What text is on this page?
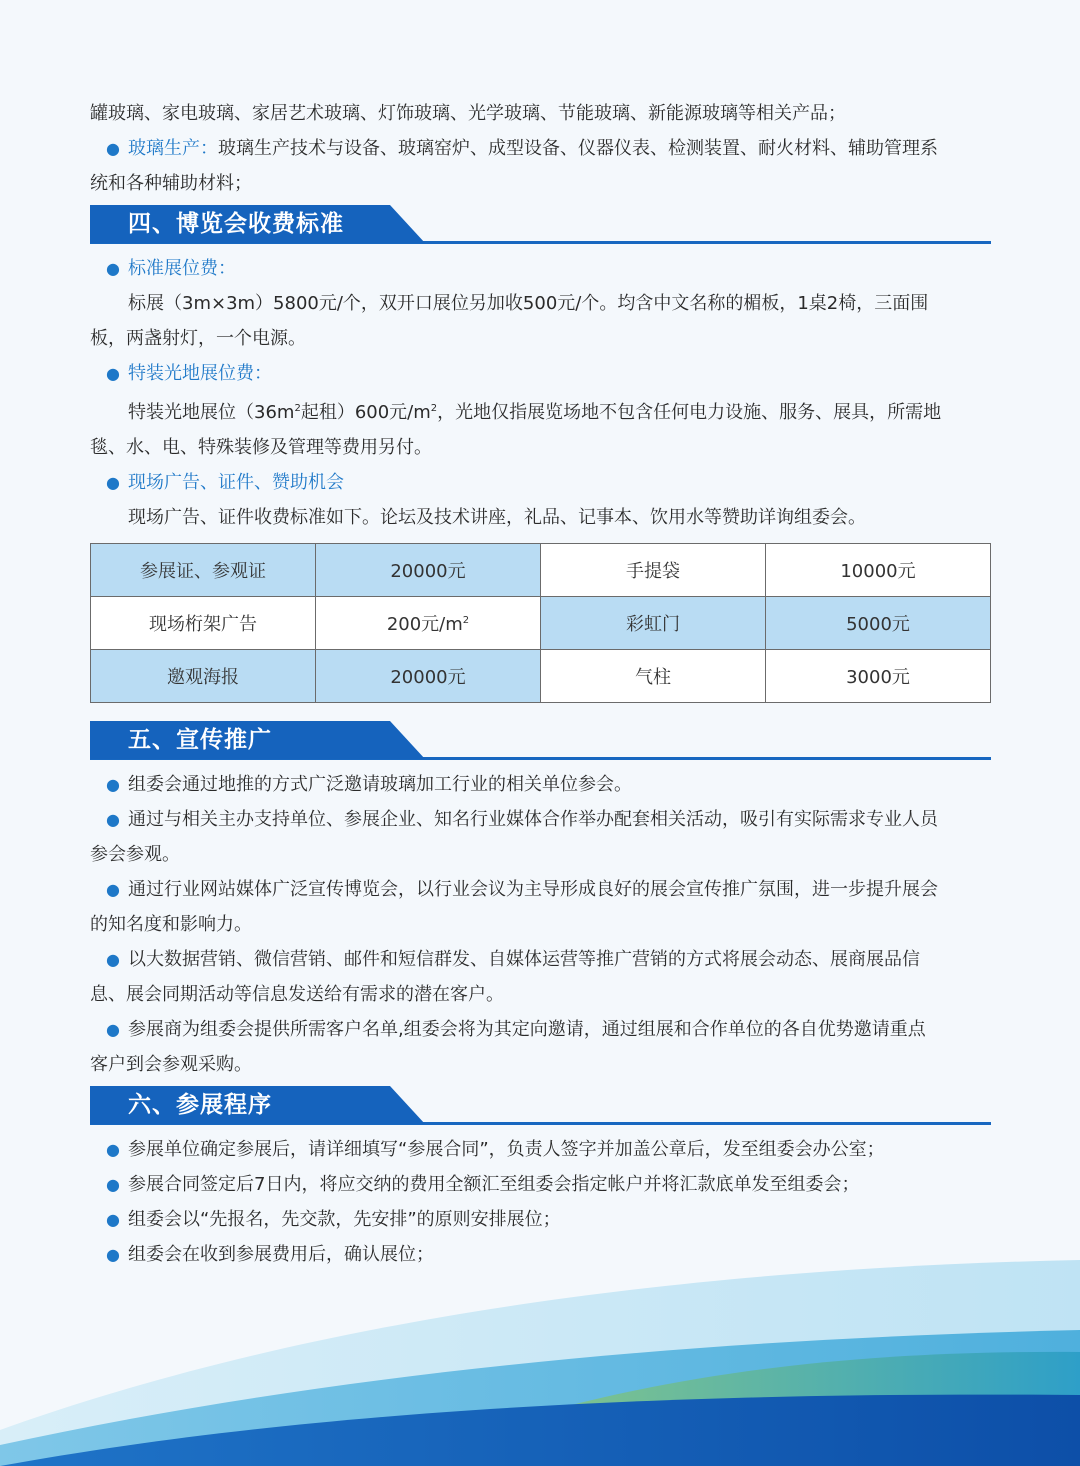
罐玻璃、家电玻璃、家居艺术玻璃、灯饰玻璃、光学玻璃、节能玻璃、新能源玻璃等相关产品；

● 玻璃生产：玻璃生产技术与设备、玻璃窑炉、成型设备、仪器仪表、检测装置、耐火材料、辅助管理系

统和各种辅助材料；

四、博览会收费标准

● 标准展位费：

标展（3m×3m）5800元/个，双开口展位另加收500元/个。均含中文名称的楣板，1桌2椅，三面围

板，两盏射灯，一个电源。

● 特装光地展位费：

特装光地展位（$36m^2$起租）600元$/m^2$，光地仅指展览场地不包含任何电力设施、服务、展具，所需地

毯、水、电、特殊装修及管理等费用另付。

● 现场广告、证件、赞助机会

现场广告、证件收费标准如下。论坛及技术讲座，礼品、记事本、饮用水等赞助详询组委会。

参展证、参观证	20000元	手提袋	10000元
现场桁架广告	200元$/m^2$	彩虹门	5000元
邀观海报	20000元	气柱	3000元
五、宣传推广

● 组委会通过地推的方式广泛邀请玻璃加工行业的相关单位参会。

● 通过与相关主办支持单位、参展企业、知名行业媒体合作举办配套相关活动，吸引有实际需求专业人员

参会参观。

● 通过行业网站媒体广泛宣传博览会，以行业会议为主导形成良好的展会宣传推广氛围，进一步提升展会

的知名度和影响力。

● 以大数据营销、微信营销、邮件和短信群发、自媒体运营等推广营销的方式将展会动态、展商展品信

息、展会同期活动等信息发送给有需求的潜在客户。

● 参展商为组委会提供所需客户名单,组委会将为其定向邀请，通过组展和合作单位的各自优势邀请重点

客户到会参观采购。

六、参展程序

● 参展单位确定参展后，请详细填写“参展合同”，负责人签字并加盖公章后，发至组委会办公室；

● 参展合同签定后7日内，将应交纳的费用全额汇至组委会指定帐户并将汇款底单发至组委会；

● 组委会以“先报名，先交款，先安排”的原则安排展位；

● 组委会在收到参展费用后，确认展位；
